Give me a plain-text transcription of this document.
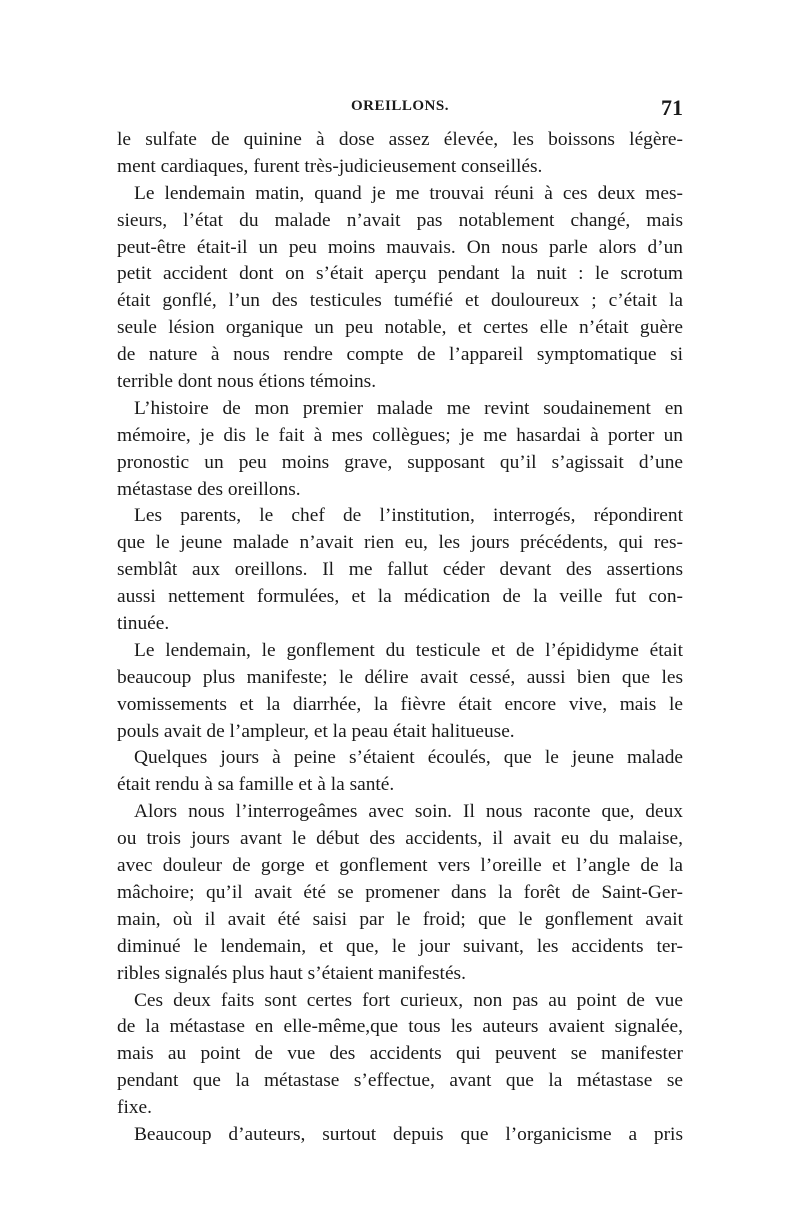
OREILLONS.	71
le sulfate de quinine à dose assez élevée, les boissons légère-
ment cardiaques, furent très-judicieusement conseillés.
Le lendemain matin, quand je me trouvai réuni à ces deux mes-
sieurs, l’état du malade n’avait pas notablement changé, mais
peut-être était-il un peu moins mauvais. On nous parle alors d’un
petit accident dont on s’était aperçu pendant la nuit : le scrotum
était gonflé, l’un des testicules tuméfié et douloureux ; c’était la
seule lésion organique un peu notable, et certes elle n’était guère
de nature à nous rendre compte de l’appareil symptomatique si
terrible dont nous étions témoins.
L’histoire de mon premier malade me revint soudainement en
mémoire, je dis le fait à mes collègues; je me hasardai à porter un
pronostic un peu moins grave, supposant qu’il s’agissait d’une
métastase des oreillons.
Les parents, le chef de l’institution, interrogés, répondirent
que le jeune malade n’avait rien eu, les jours précédents, qui res-
semblât aux oreillons. Il me fallut céder devant des assertions
aussi nettement formulées, et la médication de la veille fut con-
tinuée.
Le lendemain, le gonflement du testicule et de l’épididyme était
beaucoup plus manifeste; le délire avait cessé, aussi bien que les
vomissements et la diarrhée, la fièvre était encore vive, mais le
pouls avait de l’ampleur, et la peau était halitueuse.
Quelques jours à peine s’étaient écoulés, que le jeune malade
était rendu à sa famille et à la santé.
Alors nous l’interrogeâmes avec soin. Il nous raconte que, deux
ou trois jours avant le début des accidents, il avait eu du malaise,
avec douleur de gorge et gonflement vers l’oreille et l’angle de la
mâchoire; qu’il avait été se promener dans la forêt de Saint-Ger-
main, où il avait été saisi par le froid; que le gonflement avait
diminué le lendemain, et que, le jour suivant, les accidents ter-
ribles signalés plus haut s’étaient manifestés.
Ces deux faits sont certes fort curieux, non pas au point de vue
de la métastase en elle-même,que tous les auteurs avaient signalée,
mais au point de vue des accidents qui peuvent se manifester
pendant que la métastase s’effectue, avant que la métastase se
fixe.
Beaucoup d’auteurs, surtout depuis que l’organicisme a pris
